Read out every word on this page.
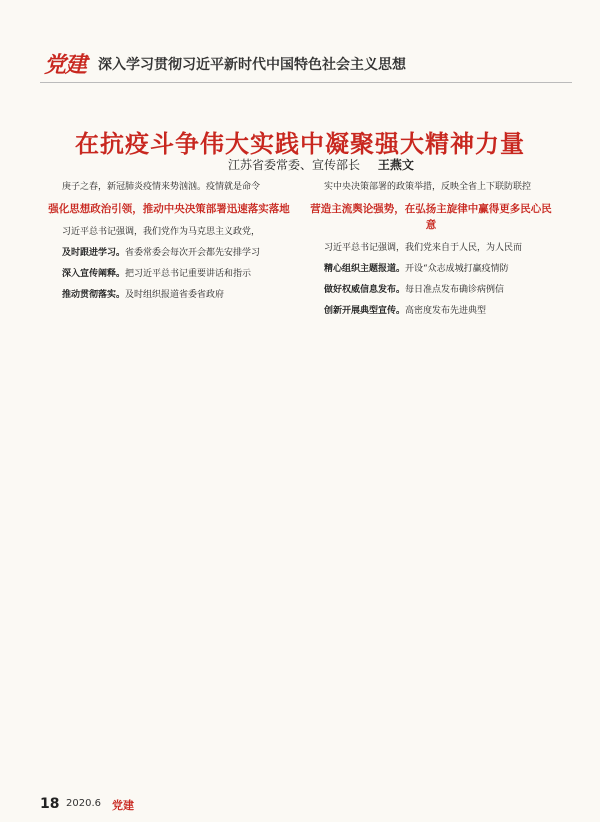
党建 深入学习贯彻习近平新时代中国特色社会主义思想
在抗疫斗争伟大实践中凝聚强大精神力量
江苏省委常委、宣传部长 王燕文

庚子之春，新冠肺炎疫情来势汹汹。疫情就是命令

强化思想政治引领，推动中央决策部署迅速落实落地

习近平总书记强调，我们党作为马克思主义政党，

及时跟进学习。省委常委会每次开会都先安排学习

深入宣传阐释。把习近平总书记重要讲话和指示

推动贯彻落实。及时组织报道省委省政府

实中央决策部署的政策举措，反映全省上下联防联控

营造主流舆论强势，在弘扬主旋律中赢得更多民心民意

习近平总书记强调，我们党来自于人民，为人民而

精心组织主题报道。开设“众志成城打赢疫情防

做好权威信息发布。每日准点发布确诊病例信

创新开展典型宣传。高密度发布先进典型

18 2020.6 党建
